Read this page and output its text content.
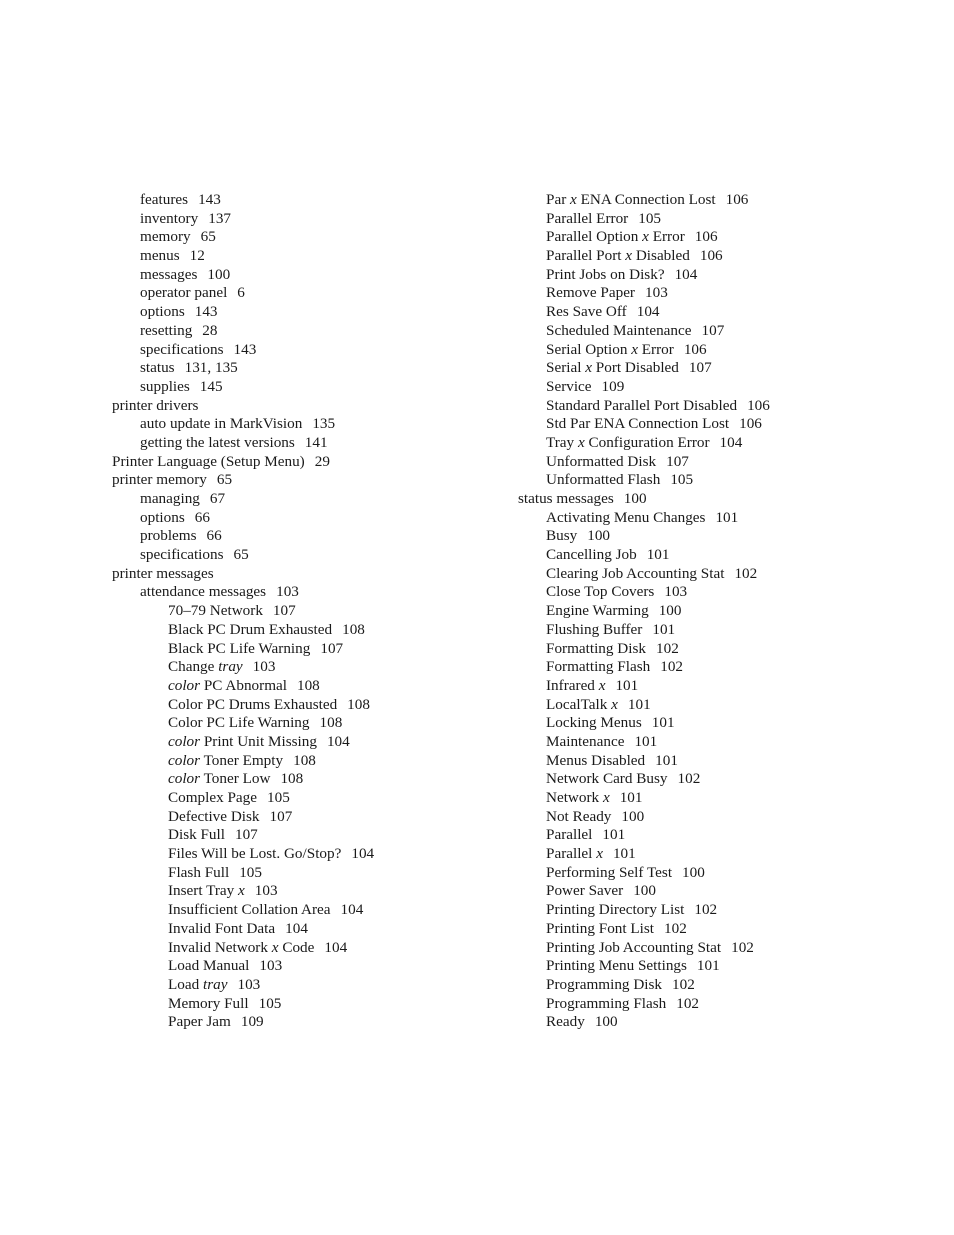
features 143
inventory 137
memory 65
menus 12
messages 100
operator panel 6
options 143
resetting 28
specifications 143
status 131, 135
supplies 145
printer drivers
auto update in MarkVision 135
getting the latest versions 141
Printer Language (Setup Menu) 29
printer memory 65
managing 67
options 66
problems 66
specifications 65
printer messages
attendance messages 103
70–79 Network 107
Black PC Drum Exhausted 108
Black PC Life Warning 107
Change tray 103
color PC Abnormal 108
Color PC Drums Exhausted 108
Color PC Life Warning 108
color Print Unit Missing 104
color Toner Empty 108
color Toner Low 108
Complex Page 105
Defective Disk 107
Disk Full 107
Files Will be Lost. Go/Stop? 104
Flash Full 105
Insert Tray x 103
Insufficient Collation Area 104
Invalid Font Data 104
Invalid Network x Code 104
Load Manual 103
Load tray 103
Memory Full 105
Paper Jam 109
Par x ENA Connection Lost 106
Parallel Error 105
Parallel Option x Error 106
Parallel Port x Disabled 106
Print Jobs on Disk? 104
Remove Paper 103
Res Save Off 104
Scheduled Maintenance 107
Serial Option x Error 106
Serial x Port Disabled 107
Service 109
Standard Parallel Port Disabled 106
Std Par ENA Connection Lost 106
Tray x Configuration Error 104
Unformatted Disk 107
Unformatted Flash 105
status messages 100
Activating Menu Changes 101
Busy 100
Cancelling Job 101
Clearing Job Accounting Stat 102
Close Top Covers 103
Engine Warming 100
Flushing Buffer 101
Formatting Disk 102
Formatting Flash 102
Infrared x 101
LocalTalk x 101
Locking Menus 101
Maintenance 101
Menus Disabled 101
Network Card Busy 102
Network x 101
Not Ready 100
Parallel 101
Parallel x 101
Performing Self Test 100
Power Saver 100
Printing Directory List 102
Printing Font List 102
Printing Job Accounting Stat 102
Printing Menu Settings 101
Programming Disk 102
Programming Flash 102
Ready 100
